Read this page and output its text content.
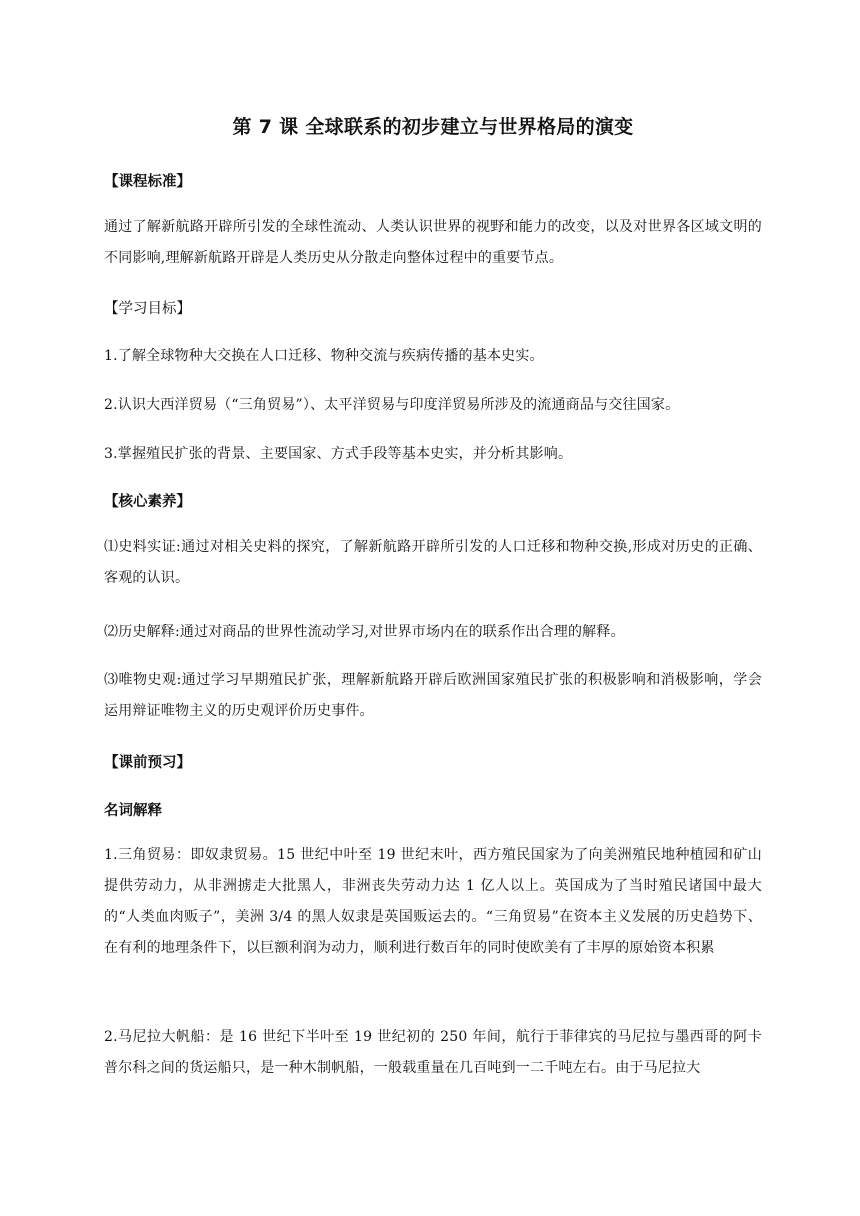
第 7 课 全球联系的初步建立与世界格局的演变
【课程标准】
通过了解新航路开辟所引发的全球性流动、人类认识世界的视野和能力的改变，以及对世界各区域文明的不同影响,理解新航路开辟是人类历史从分散走向整体过程中的重要节点。
【学习目标】
1.了解全球物种大交换在人口迁移、物种交流与疾病传播的基本史实。
2.认识大西洋贸易（“三角贸易”）、太平洋贸易与印度洋贸易所涉及的流通商品与交往国家。
3.掌握殖民扩张的背景、主要国家、方式手段等基本史实，并分析其影响。
【核心素养】
⑴史料实证:通过对相关史料的探究，了解新航路开辟所引发的人口迁移和物种交换,形成对历史的正确、客观的认识。
⑵历史解释:通过对商品的世界性流动学习,对世界市场内在的联系作出合理的解释。
⑶唯物史观:通过学习早期殖民扩张，理解新航路开辟后欧洲国家殖民扩张的积极影响和消极影响，学会运用辩证唯物主义的历史观评价历史事件。
【课前预习】
名词解释
1.三角贸易：即奴隶贸易。15 世纪中叶至 19 世纪末叶，西方殖民国家为了向美洲殖民地种植园和矿山提供劳动力，从非洲掳走大批黑人，非洲丧失劳动力达 1 亿人以上。英国成为了当时殖民诸国中最大的“人类血肉贩子”，美洲 3/4 的黑人奴隶是英国贩运去的。“三角贸易”在资本主义发展的历史趋势下、在有利的地理条件下，以巨额利润为动力，顺利进行数百年的同时使欧美有了丰厚的原始资本积累
2.马尼拉大帆船：是 16 世纪下半叶至 19 世纪初的 250 年间，航行于菲律宾的马尼拉与墨西哥的阿卡普尔科之间的货运船只，是一种木制帆船，一般载重量在几百吨到一二千吨左右。由于马尼拉大
